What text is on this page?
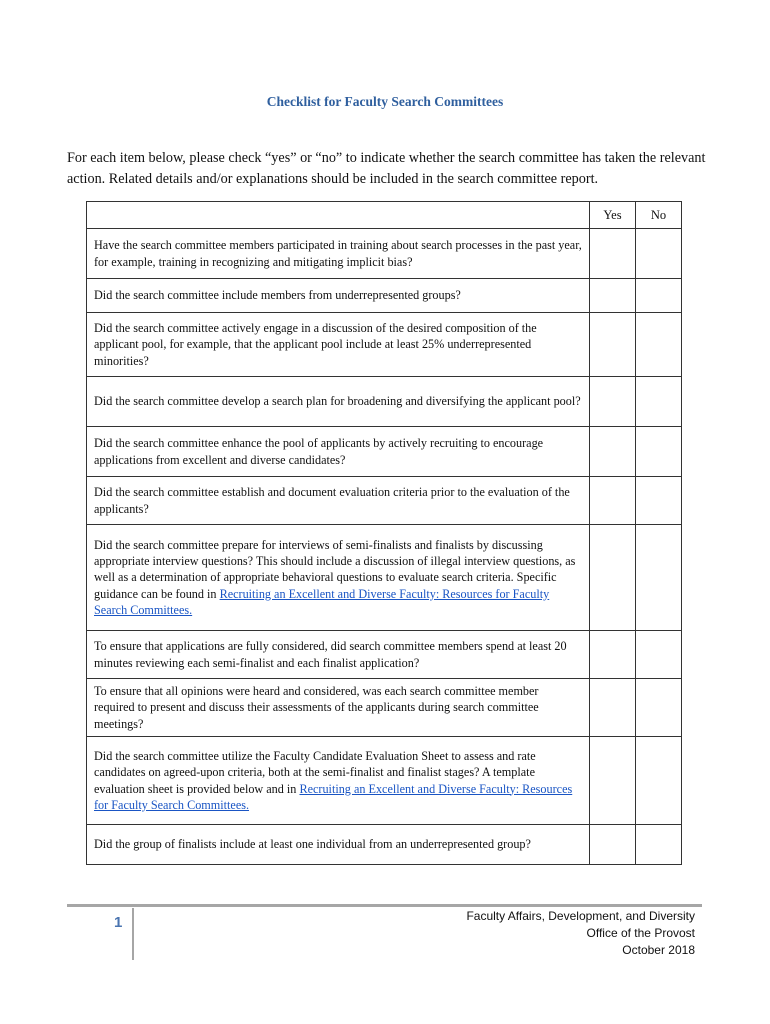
Checklist for Faculty Search Committees
For each item below, please check “yes” or “no” to indicate whether the search committee has taken the relevant action. Related details and/or explanations should be included in the search committee report.
	Yes	No
Have the search committee members participated in training about search processes in the past year, for example, training in recognizing and mitigating implicit bias?		
Did the search committee include members from underrepresented groups?		
Did the search committee actively engage in a discussion of the desired composition of the applicant pool, for example, that the applicant pool include at least 25% underrepresented minorities?		
Did the search committee develop a search plan for broadening and diversifying the applicant pool?		
Did the search committee enhance the pool of applicants by actively recruiting to encourage applications from excellent and diverse candidates?		
Did the search committee establish and document evaluation criteria prior to the evaluation of the applicants?		
Did the search committee prepare for interviews of semi-finalists and finalists by discussing appropriate interview questions? This should include a discussion of illegal interview questions, as well as a determination of appropriate behavioral questions to evaluate search criteria. Specific guidance can be found in Recruiting an Excellent and Diverse Faculty: Resources for Faculty Search Committees.		
To ensure that applications are fully considered, did search committee members spend at least 20 minutes reviewing each semi-finalist and each finalist application?		
To ensure that all opinions were heard and considered, was each search committee member required to present and discuss their assessments of the applicants during search committee meetings?		
Did the search committee utilize the Faculty Candidate Evaluation Sheet to assess and rate candidates on agreed-upon criteria, both at the semi-finalist and finalist stages? A template evaluation sheet is provided below and in Recruiting an Excellent and Diverse Faculty: Resources for Faculty Search Committees.		
Did the group of finalists include at least one individual from an underrepresented group?		
1	Faculty Affairs, Development, and Diversity
Office of the Provost
October 2018
